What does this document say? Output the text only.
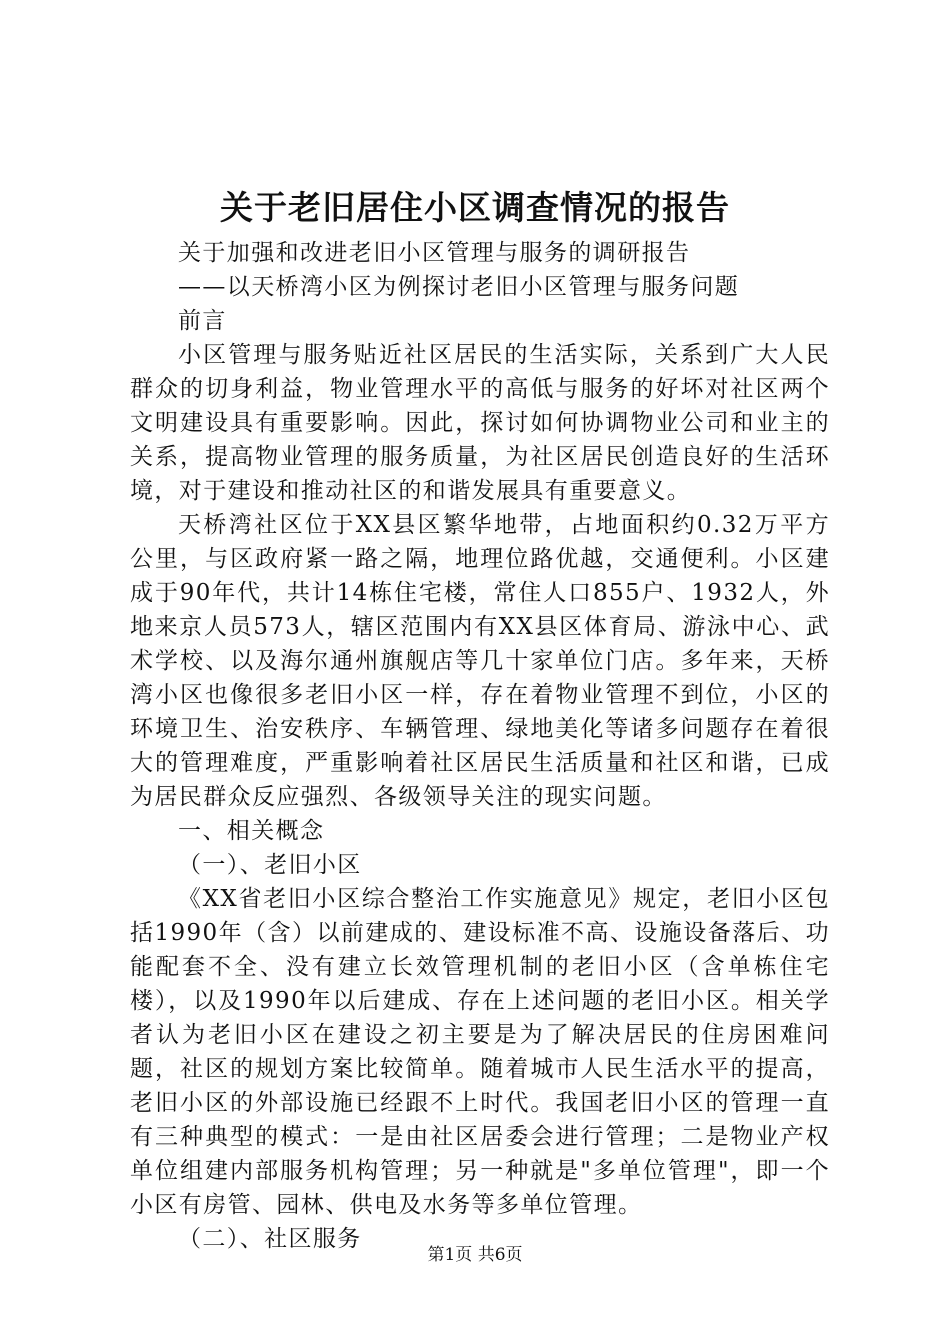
关于老旧居住小区调查情况的报告

关于加强和改进老旧小区管理与服务的调研报告

——以天桥湾小区为例探讨老旧小区管理与服务问题

前言

小区管理与服务贴近社区居民的生活实际，关系到广大人民群众的切身利益，物业管理水平的高低与服务的好坏对社区两个文明建设具有重要影响。因此，探讨如何协调物业公司和业主的关系，提高物业管理的服务质量，为社区居民创造良好的生活环境，对于建设和推动社区的和谐发展具有重要意义。

天桥湾社区位于XX县区繁华地带，占地面积约0.32万平方公里，与区政府紧一路之隔，地理位路优越，交通便利。小区建成于90年代，共计14栋住宅楼，常住人口855户、1932人，外地来京人员573人，辖区范围内有XX县区体育局、游泳中心、武术学校、以及海尔通州旗舰店等几十家单位门店。多年来，天桥湾小区也像很多老旧小区一样，存在着物业管理不到位，小区的环境卫生、治安秩序、车辆管理、绿地美化等诸多问题存在着很大的管理难度，严重影响着社区居民生活质量和社区和谐，已成为居民群众反应强烈、各级领导关注的现实问题。

一、相关概念

（一）、老旧小区

《XX省老旧小区综合整治工作实施意见》规定，老旧小区包括1990年（含）以前建成的、建设标准不高、设施设备落后、功能配套不全、没有建立长效管理机制的老旧小区（含单栋住宅楼），以及1990年以后建成、存在上述问题的老旧小区。相关学者认为老旧小区在建设之初主要是为了解决居民的住房困难问题，社区的规划方案比较简单。随着城市人民生活水平的提高，老旧小区的外部设施已经跟不上时代。我国老旧小区的管理一直有三种典型的模式：一是由社区居委会进行管理；二是物业产权单位组建内部服务机构管理；另一种就是"多单位管理"，即一个小区有房管、园林、供电及水务等多单位管理。

（二）、社区服务

第1页 共6页
